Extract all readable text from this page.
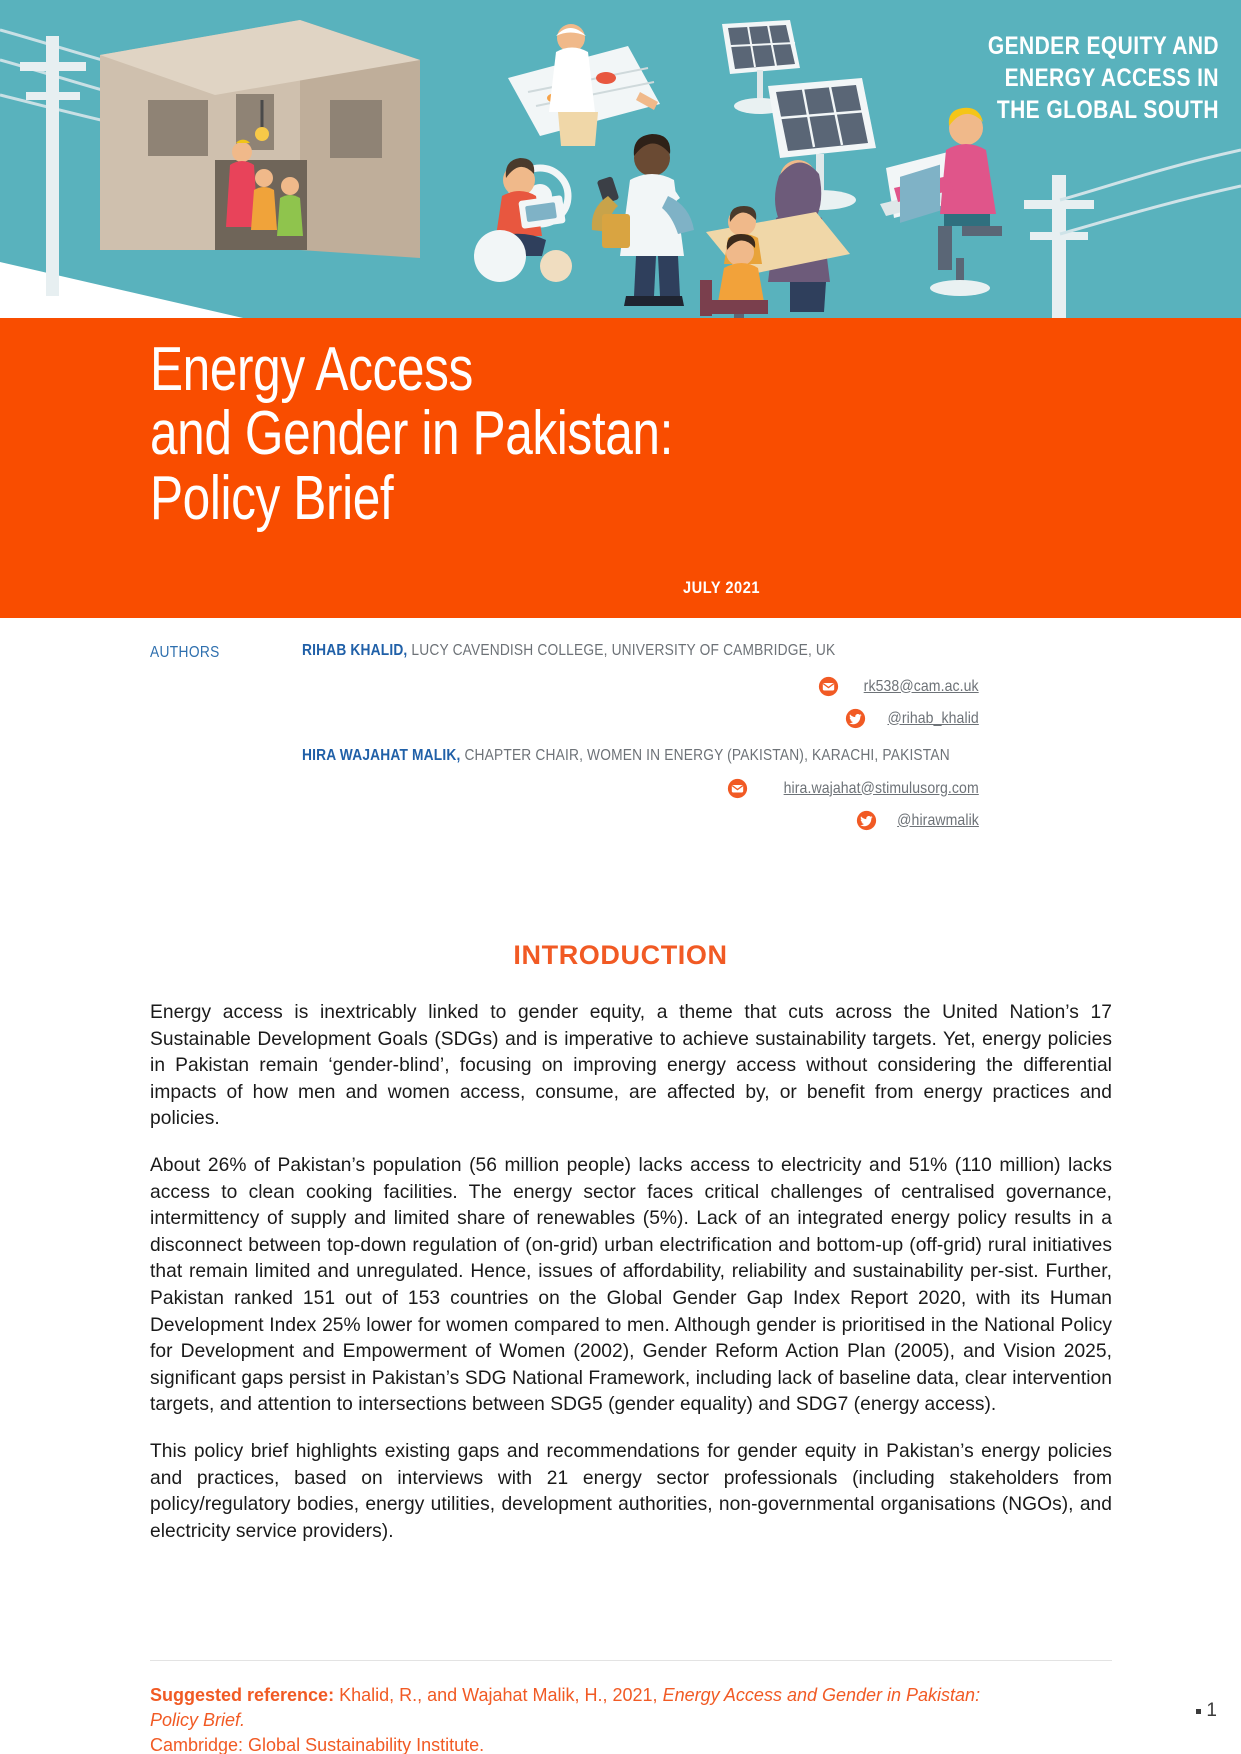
GENDER EQUITY AND
ENERGY ACCESS IN
THE GLOBAL SOUTH
Energy Access
and Gender in Pakistan:
Policy Brief
JULY 2021
AUTHORS	RIHAB KHALID, LUCY CAVENDISH COLLEGE, UNIVERSITY OF CAMBRIDGE, UK
rk538@cam.ac.uk
@rihab_khalid
HIRA WAJAHAT MALIK, CHAPTER CHAIR, WOMEN IN ENERGY (PAKISTAN), KARACHI, PAKISTAN
hira.wajahat@stimulusorg.com
@hirawmalik
INTRODUCTION

Energy access is inextricably linked to gender equity, a theme that cuts across the United Nation’s 17 Sustainable Development Goals (SDGs) and is imperative to achieve sustainability targets. Yet, energy policies in Pakistan remain ‘gender-blind’, focusing on improving energy access without considering the differential impacts of how men and women access, consume, are affected by, or benefit from energy practices and policies.

About 26% of Pakistan’s population (56 million people) lacks access to electricity and 51% (110 million) lacks access to clean cooking facilities. The energy sector faces critical challenges of centralised governance, intermittency of supply and limited share of renewables (5%). Lack of an integrated energy policy results in a disconnect between top-down regulation of (on-grid) urban electrification and bottom-up (off-grid) rural initiatives that remain limited and unregulated. Hence, issues of affordability, reliability and sustainability per-sist. Further, Pakistan ranked 151 out of 153 countries on the Global Gender Gap Index Report 2020, with its Human Development Index 25% lower for women compared to men. Although gender is prioritised in the National Policy for Development and Empowerment of Women (2002), Gender Reform Action Plan (2005), and Vision 2025, significant gaps persist in Pakistan’s SDG National Framework, including lack of baseline data, clear intervention targets, and attention to intersections between SDG5 (gender equality) and SDG7 (energy access).

This policy brief highlights existing gaps and recommendations for gender equity in Pakistan’s energy policies and practices, based on interviews with 21 energy sector professionals (including stakeholders from policy/regulatory bodies, energy utilities, development authorities, non-governmental organisations (NGOs), and electricity service providers).

Suggested reference: Khalid, R., and Wajahat Malik, H., 2021, Energy Access and Gender in Pakistan: Policy Brief.
Cambridge: Global Sustainability Institute.
1
